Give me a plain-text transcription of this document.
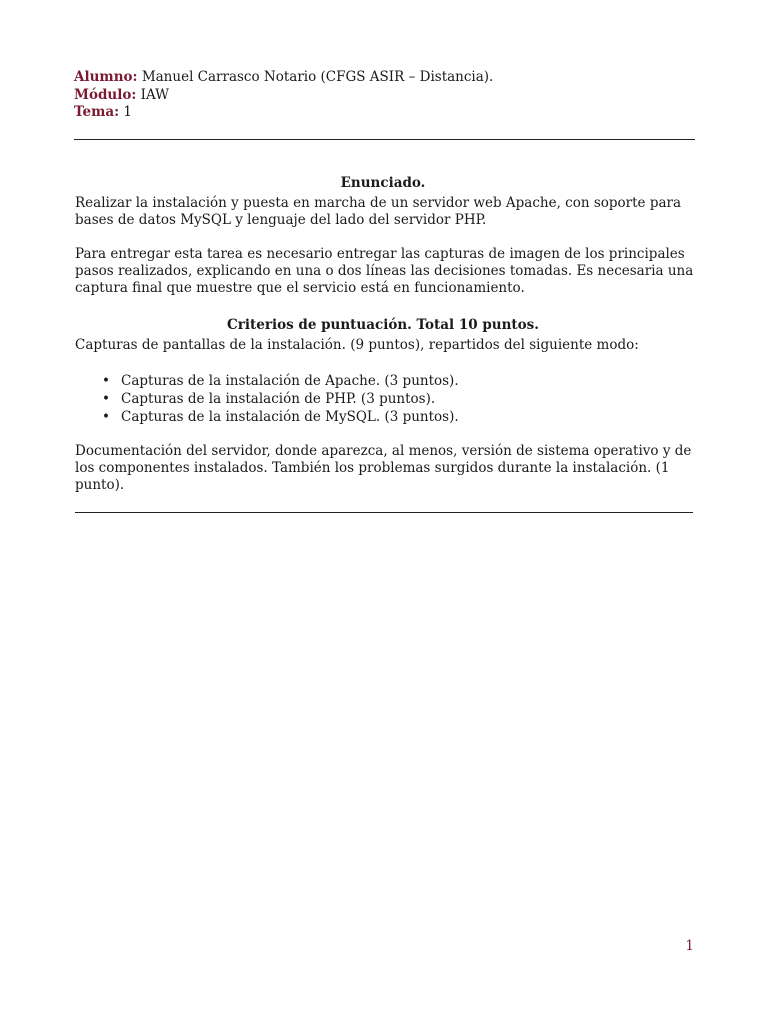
Alumno: Manuel Carrasco Notario (CFGS ASIR – Distancia).
Módulo: IAW
Tema: 1
Enunciado.
Realizar la instalación y puesta en marcha de un servidor web Apache, con soporte para bases de datos MySQL y lenguaje del lado del servidor PHP.
Para entregar esta tarea es necesario entregar las capturas de imagen de los principales pasos realizados, explicando en una o dos líneas las decisiones tomadas. Es necesaria una captura final que muestre que el servicio está en funcionamiento.
Criterios de puntuación. Total 10 puntos.
Capturas de pantallas de la instalación. (9 puntos), repartidos del siguiente modo:
• Capturas de la instalación de Apache. (3 puntos).
• Capturas de la instalación de PHP. (3 puntos).
• Capturas de la instalación de MySQL. (3 puntos).
Documentación del servidor, donde aparezca, al menos, versión de sistema operativo y de los componentes instalados. También los problemas surgidos durante la instalación. (1 punto).
1
